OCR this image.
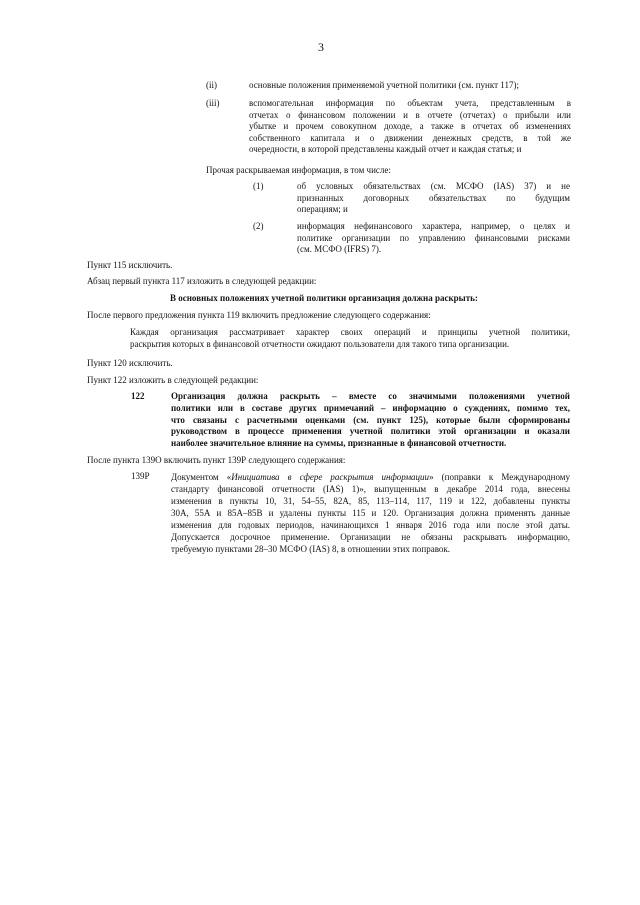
3
(ii)	основные положения применяемой учетной политики (см. пункт 117);
(iii)	вспомогательная информация по объектам учета, представленным в
отчетах о финансовом положении и в отчете (отчетах) о прибыли или
убытке и прочем совокупном доходе, а также в отчетах об изменениях
собственного капитала и о движении денежных средств, в той же
очередности, в которой представлены каждый отчет и каждая статья; и
Прочая раскрываемая информация, в том числе:
(1)	об условных обязательствах (см. МСФО (IAS) 37) и не
признанных договорных обязательствах по будущим
операциям; и
(2)	информация нефинансового характера, например, о целях и
политике организации по управлению финансовыми рисками
(см. МСФО (IFRS) 7).
Пункт 115 исключить.
Абзац первый пункта 117 изложить в следующей редакции:
В основных положениях учетной политики организация должна раскрыть:
После первого предложения пункта 119 включить предложение следующего содержания:
Каждая организация рассматривает характер своих операций и принципы учетной политики,
раскрытия которых в финансовой отчетности ожидают пользователи для такого типа организации.
Пункт 120 исключить.
Пункт 122 изложить в следующей редакции:
122	Организация должна раскрыть – вместе со значимыми положениями учетной
политики или в составе других примечаний – информацию о суждениях, помимо тех,
что связаны с расчетными оценками (см. пункт 125), которые были сформированы
руководством в процессе применения учетной политики этой организации и оказали
наиболее значительное влияние на суммы, признанные в финансовой отчетности.
После пункта 139О включить пункт 139Р следующего содержания:
139Р Документом «Инициатива в сфере раскрытия информации» (поправки к Международному
стандарту финансовой отчетности (IAS) 1)», выпущенным в декабре 2014 года, внесены
изменения в пункты 10, 31, 54–55, 82А, 85, 113–114, 117, 119 и 122, добавлены пункты
30А, 55А и 85А–85В и удалены пункты 115 и 120. Организация должна применять данные
изменения для годовых периодов, начинающихся 1 января 2016 года или после этой даты.
Допускается досрочное применение. Организации не обязаны раскрывать информацию,
требуемую пунктами 28–30 МСФО (IAS) 8, в отношении этих поправок.
